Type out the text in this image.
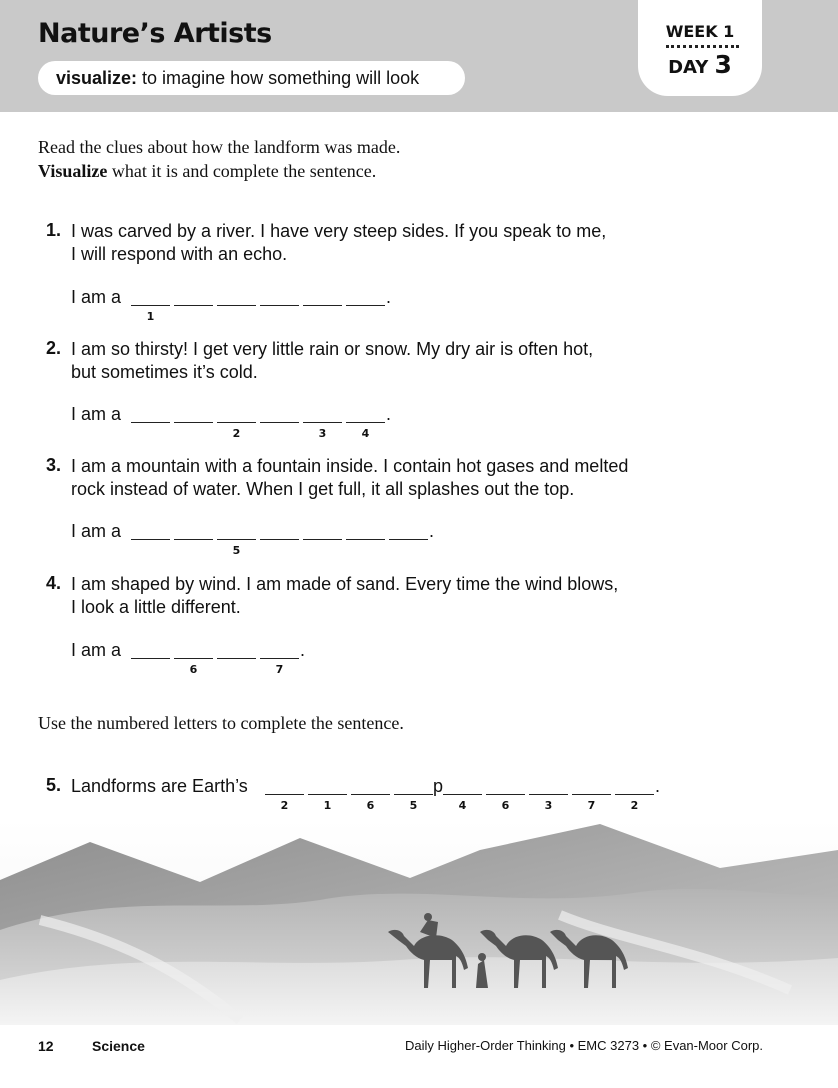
Nature’s Artists
visualize: to imagine how something will look
WEEK 1
DAY 3

Read the clues about how the landform was made.
Visualize what it is and complete the sentence.

1. I was carved by a river. I have very steep sides. If you speak to me,
I will respond with an echo.
I am a
1
.
2. I am so thirsty! I get very little rain or snow. My dry air is often hot,
but sometimes it’s cold.
I am a
2	3	4
.
3. I am a mountain with a fountain inside. I contain hot gases and melted
rock instead of water. When I get full, it all splashes out the top.
I am a
5
.
4. I am shaped by wind. I am made of sand. Every time the wind blows,
I look a little different.
I am a
6	7
.

Use the numbered letters to complete the sentence.

5. Landforms are Earth’s
2	1	6	5
p
4	6	3	7	2
.
12	Science	Daily Higher-Order Thinking • EMC 3273 • © Evan-Moor Corp.
